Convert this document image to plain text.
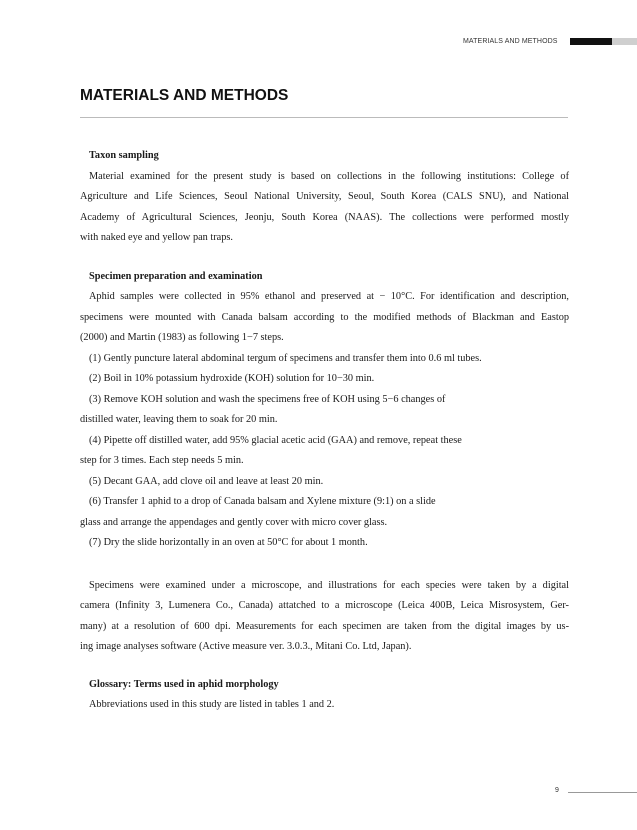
MATERIALS AND METHODS
MATERIALS AND METHODS

Taxon sampling

Material examined for the present study is based on collections in the following institutions: College of

Agriculture and Life Sciences, Seoul National University, Seoul, South Korea (CALS SNU), and National

Academy of Agricultural Sciences, Jeonju, South Korea (NAAS). The collections were performed mostly

with naked eye and yellow pan traps.

Specimen preparation and examination

Aphid samples were collected in 95% ethanol and preserved at − 10°C. For identification and description,

specimens were mounted with Canada balsam according to the modified methods of Blackman and Eastop

(2000) and Martin (1983) as following 1−7 steps.

(1) Gently puncture lateral abdominal tergum of specimens and transfer them into 0.6 ml tubes.

(2) Boil in 10% potassium hydroxide (KOH) solution for 10−30 min.

(3) Remove KOH solution and wash the specimens free of KOH using 5−6 changes of

distilled water, leaving them to soak for 20 min.

(4) Pipette off distilled water, add 95% glacial acetic acid (GAA) and remove, repeat these

step for 3 times. Each step needs 5 min.

(5) Decant GAA, add clove oil and leave at least 20 min.

(6) Transfer 1 aphid to a drop of Canada balsam and Xylene mixture (9:1) on a slide

glass and arrange the appendages and gently cover with micro cover glass.

(7) Dry the slide horizontally in an oven at 50°C for about 1 month.

Specimens were examined under a microscope, and illustrations for each species were taken by a digital

camera (Infinity 3, Lumenera Co., Canada) attatched to a microscope (Leica 400B, Leica Misrosystem, Ger-

many) at a resolution of 600 dpi. Measurements for each specimen are taken from the digital images by us-

ing image analyses software (Active measure ver. 3.0.3., Mitani Co. Ltd, Japan).

Glossary: Terms used in aphid morphology

Abbreviations used in this study are listed in tables 1 and 2.

9
